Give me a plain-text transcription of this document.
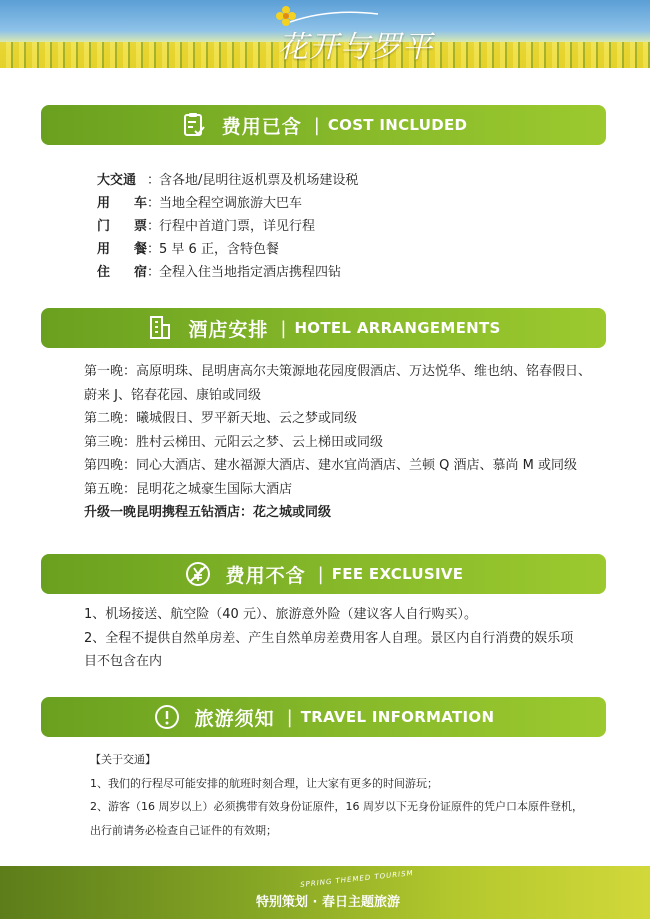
花开与罗平
费用已含 | COST INCLUDED
大交通 ：
含各地/昆明往返机票及机场建设税
用 车 ：
当地全程空调旅游大巴车
门 票 ：
行程中首道门票，详见行程
用 餐 ：
5 早 6 正，含特色餐
住 宿 ：
全程入住当地指定酒店携程四钻
酒店安排 | HOTEL ARRANGEMENTS
第一晚：高原明珠、昆明唐高尔夫策源地花园度假酒店、万达悦华、维也纳、铭春假日、
蔚来 J、铭春花园、康铂或同级
第二晚：曦城假日、罗平新天地、云之梦或同级
第三晚：胜村云梯田、元阳云之梦、云上梯田或同级
第四晚：同心大酒店、建水福源大酒店、建水宜尚酒店、兰顿 Q 酒店、慕尚 M 或同级
第五晚：昆明花之城豪生国际大酒店
升级一晚昆明携程五钻酒店：花之城或同级
费用不含 | FEE EXCLUSIVE
1、机场接送、航空险（40 元）、旅游意外险（建议客人自行购买）。
2、全程不提供自然单房差、产生自然单房差费用客人自理。景区内自行消费的娱乐项
目不包含在内
旅游须知 | TRAVEL INFORMATION
【关于交通】
1、我们的行程尽可能安排的航班时刻合理，让大家有更多的时间游玩；
2、游客（16 周岁以上）必须携带有效身份证原件，16 周岁以下无身份证原件的凭户口本原件登机，
出行前请务必检查自己证件的有效期；
SPRING THEMED TOURISM
特别策划 · 春日主题旅游
